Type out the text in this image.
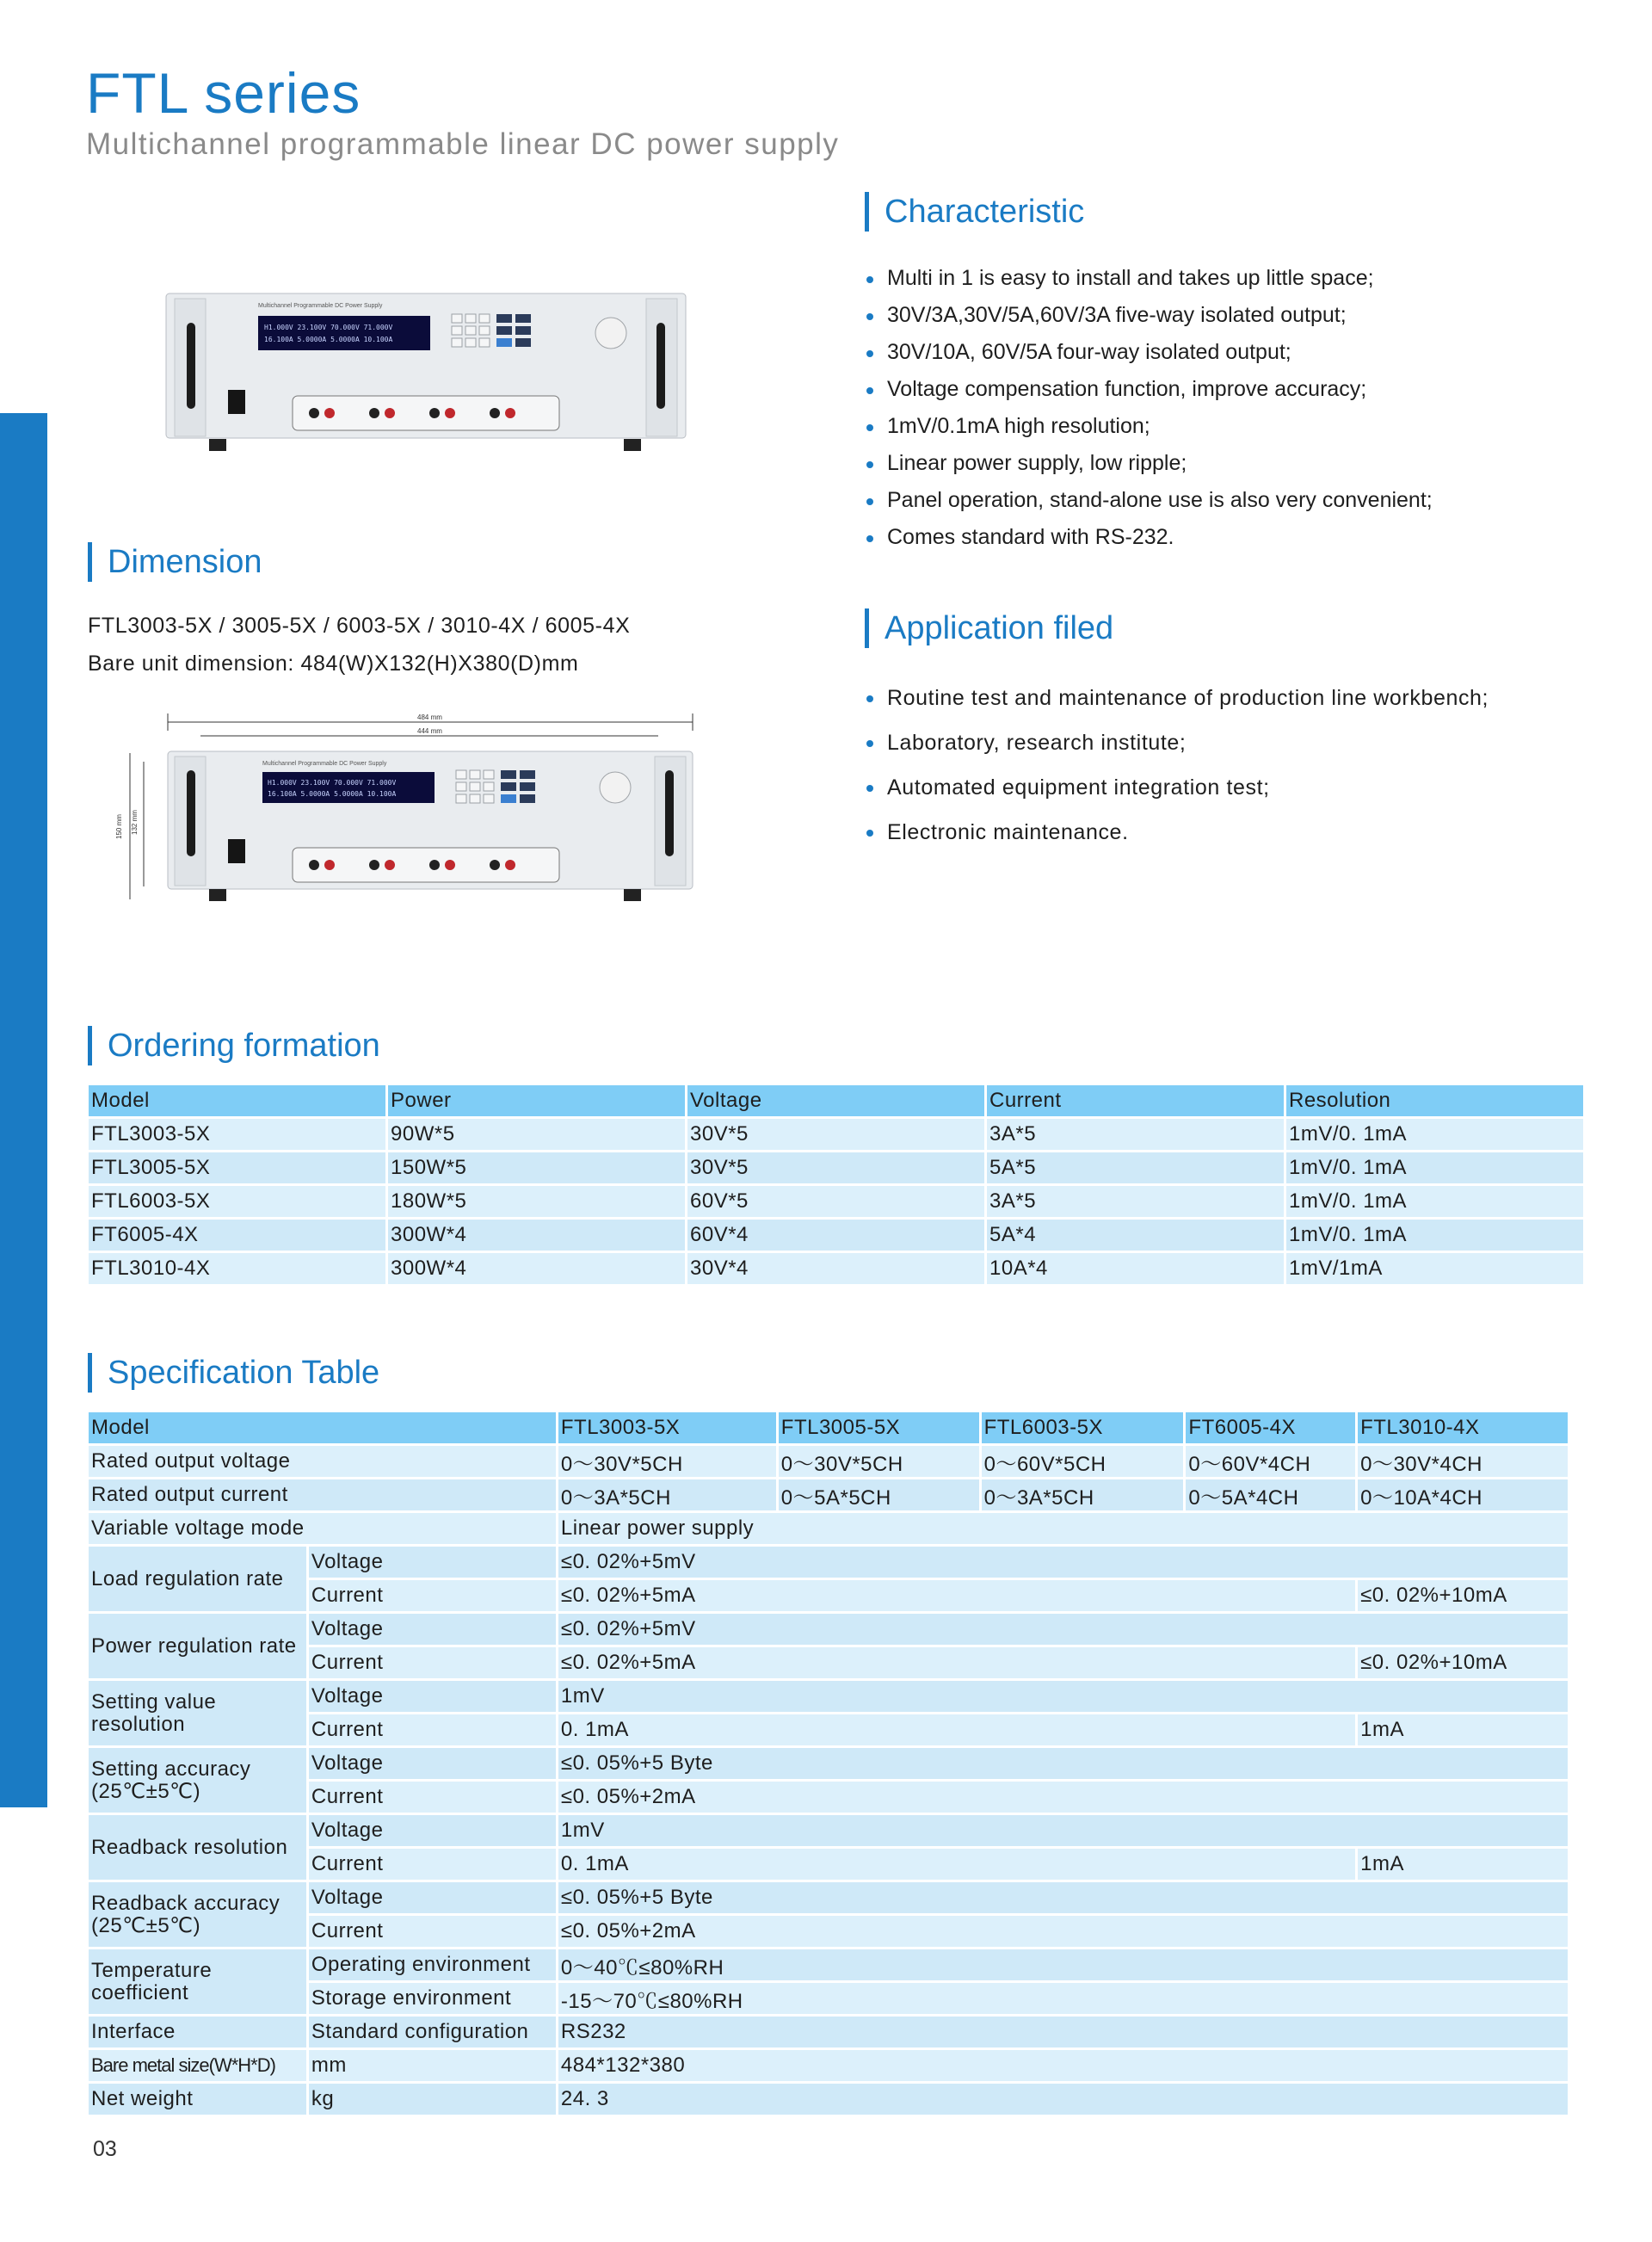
FTL series
Multichannel programmable linear DC power supply
Multichannel Programmable DC Power Supply
H1.000V 23.100V 70.000V 71.000V
16.100A 5.0000A 5.0000A 10.100A
484 mm
444 mm
150 mm 132 mm
Multichannel Programmable DC Power Supply
H1.000V 23.100V 70.000V 71.000V
16.100A 5.0000A 5.0000A 10.100A
Characteristic
Multi in 1 is easy to install and takes up little space;
30V/3A,30V/5A,60V/3A five-way isolated output;
30V/10A, 60V/5A four-way isolated output;
Voltage compensation function, improve accuracy;
1mV/0.1mA high resolution;
Linear power supply, low ripple;
Panel operation, stand-alone use is also very convenient;
Comes standard with RS-232.
Dimension
FTL3003-5X / 3005-5X / 6003-5X / 3010-4X / 6005-4X
Bare unit dimension: 484(W)X132(H)X380(D)mm
Application filed
Routine test and maintenance of production line workbench;
Laboratory, research institute;
Automated equipment integration test;
Electronic maintenance.
Ordering formation
Model	Power	Voltage	Current	Resolution
FTL3003-5X	90W*5	30V*5	3A*5	1mV/0. 1mA
FTL3005-5X	150W*5	30V*5	5A*5	1mV/0. 1mA
FTL6003-5X	180W*5	60V*5	3A*5	1mV/0. 1mA
FT6005-4X	300W*4	60V*4	5A*4	1mV/0. 1mA
FTL3010-4X	300W*4	30V*4	10A*4	1mV/1mA
Specification Table
Model		FTL3003-5X	FTL3005-5X	FTL6003-5X	FT6005-4X	FTL3010-4X
Rated output voltage		0～30V*5CH	0～30V*5CH	0～60V*5CH	0～60V*4CH	0～30V*4CH
Rated output current		0～3A*5CH	0～5A*5CH	0～3A*5CH	0～5A*4CH	0～10A*4CH
Variable voltage mode		Linear power supply				
Load regulation rate	Voltage	≤0. 02%+5mV				
	Current	≤0. 02%+5mA				≤0. 02%+10mA
Power regulation rate	Voltage	≤0. 02%+5mV				
	Current	≤0. 02%+5mA				≤0. 02%+10mA
Setting value resolution	Voltage	1mV				
	Current	0. 1mA				1mA
Setting accuracy (25℃±5℃)	Voltage	≤0. 05%+5 Byte				
	Current	≤0. 05%+2mA				
Readback resolution	Voltage	1mV				
	Current	0. 1mA				1mA
Readback accuracy (25℃±5℃)	Voltage	≤0. 05%+5 Byte				
	Current	≤0. 05%+2mA				
Temperature coefficient	Operating environment	0～40℃≤80%RH				
	Storage environment	-15～70℃≤80%RH				
Interface	Standard configuration	RS232				
Bare metal size(W*H*D)	mm	484*132*380				
Net weight	kg	24. 3				
03
